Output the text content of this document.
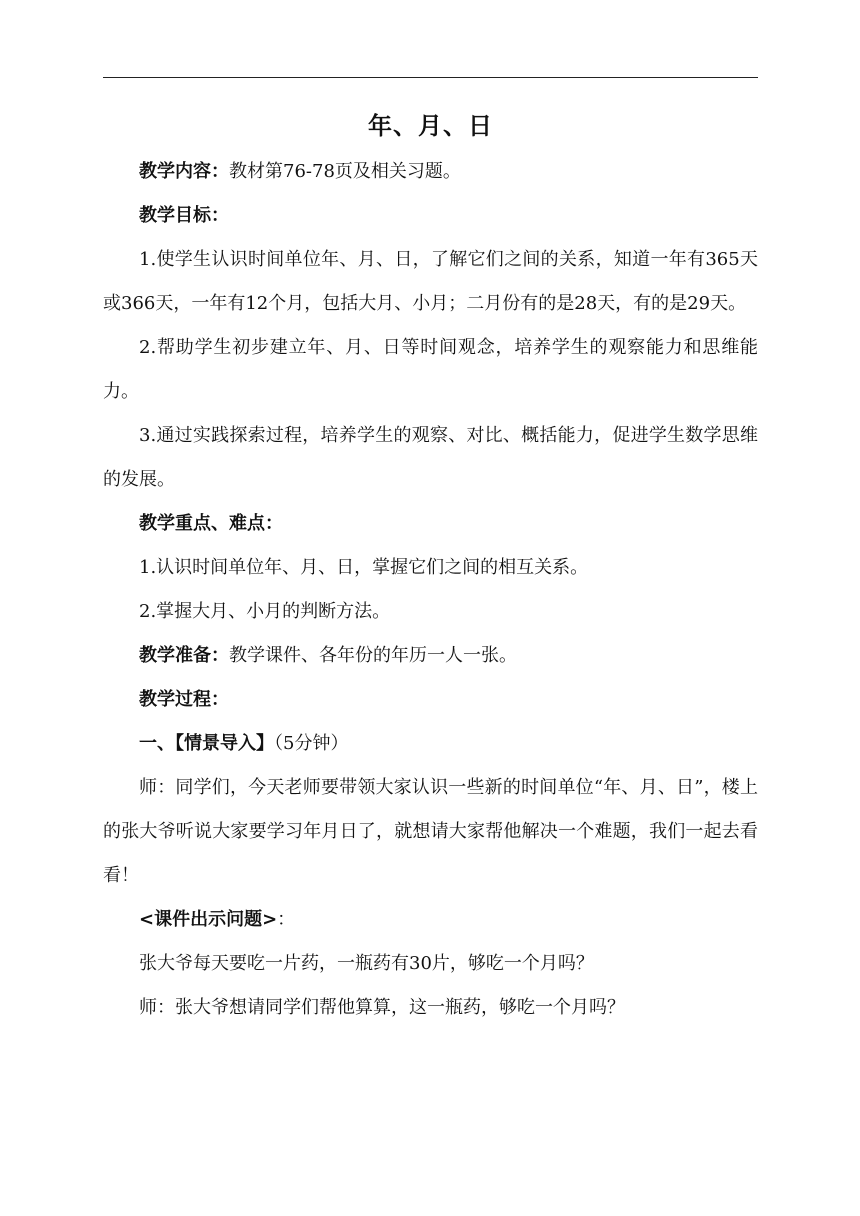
年、月、日

教学内容：教材第76-78页及相关习题。

教学目标：

1.使学生认识时间单位年、月、日，了解它们之间的关系，知道一年有365天或366天，一年有12个月，包括大月、小月；二月份有的是28天，有的是29天。

2.帮助学生初步建立年、月、日等时间观念，培养学生的观察能力和思维能力。

3.通过实践探索过程，培养学生的观察、对比、概括能力，促进学生数学思维的发展。

教学重点、难点：

1.认识时间单位年、月、日，掌握它们之间的相互关系。

2.掌握大月、小月的判断方法。

教学准备：教学课件、各年份的年历一人一张。

教学过程：

一、【情景导入】（5分钟）

师：同学们，今天老师要带领大家认识一些新的时间单位“年、月、日”，楼上的张大爷听说大家要学习年月日了，就想请大家帮他解决一个难题，我们一起去看看！

<课件出示问题>：

张大爷每天要吃一片药，一瓶药有30片，够吃一个月吗？

师：张大爷想请同学们帮他算算，这一瓶药，够吃一个月吗？
